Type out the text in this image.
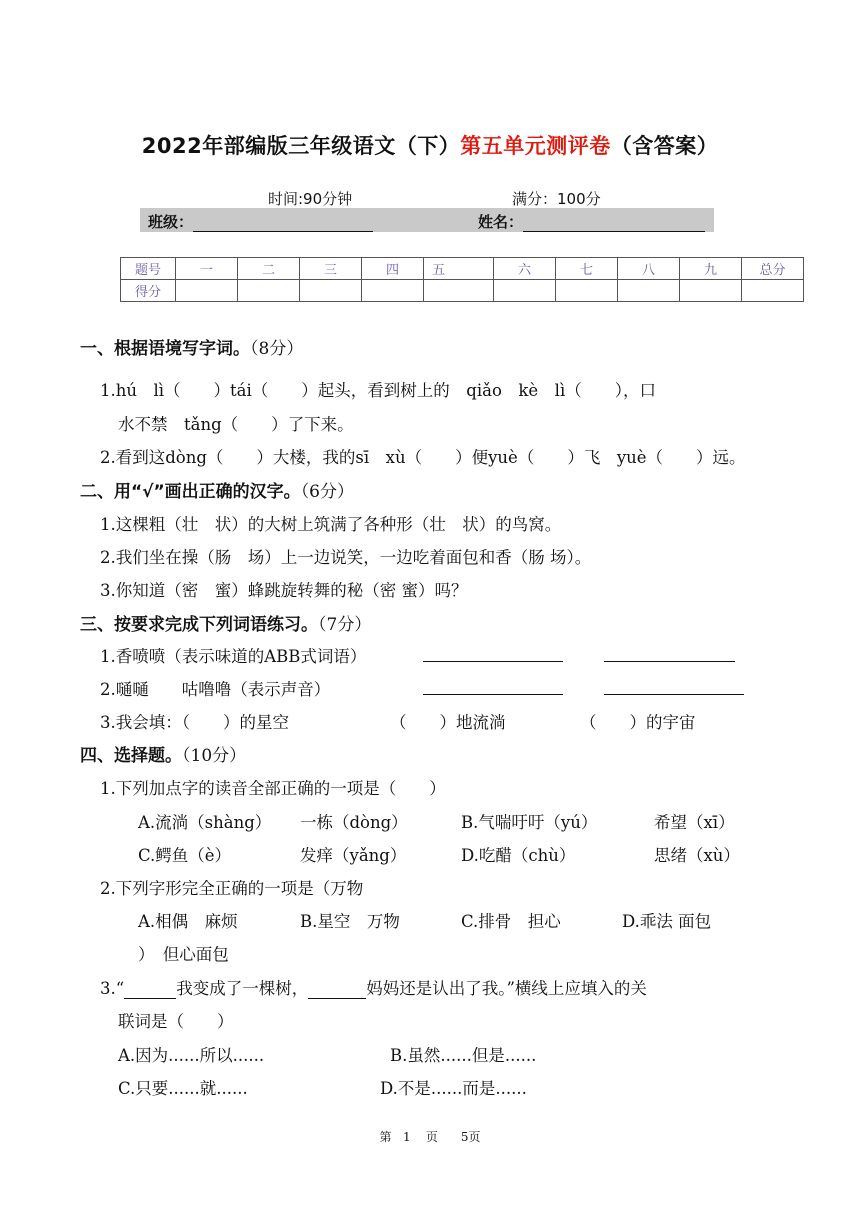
2022年部编版三年级语文（下）第五单元测评卷（含答案）
时间:90分钟	满分：100分
班级：	姓名：
题号	一	二	三	四	五	六	七	八	九	总分
得分										
一、根据语境写字词。（8分）
1.hú　lì（　　）tái（　　）起头，看到树上的　qiǎo　kè　lì（　　），口
水不禁　tǎng（　　）了下来。
2.看到这dòng（　　）大楼，我的sī　xù（　　）便yuè（　　）飞　yuè（　　）远。
二、用“√”画出正确的汉字。（6分）
1.这棵粗（壮　状）的大树上筑满了各种形（壮　状）的鸟窝。
2.我们坐在操（肠　场）上一边说笑，一边吃着面包和香（肠 场）。
3.你知道（密　蜜）蜂跳旋转舞的秘（密 蜜）吗？
三、按要求完成下列词语练习。（7分）
1.香喷喷（表示味道的ABB式词语）
2.嗵嗵　　咕噜噜（表示声音）
3.我会填：（　　）的星空	（　　）地流淌	（　　）的宇宙
四、选择题。（10分）
1.下列加点字的读音全部正确的一项是（　　）
A.流淌（shàng） 一栋（dòng）	B.气喘吁吁（yú）	希望（xī）
C.鳄鱼（è）	发痒（yǎng）	D.吃醋（chù）	思绪（xù）
2.下列字形完全正确的一项是（万物
A.相偶　麻烦	B.星空　万物	C.排骨　担心	D.乖法 面包
）　但心面包
3.“	我变成了一棵树，	妈妈还是认出了我。”横线上应填入的关
联词是（　　）
A.因为......所以......	B.虽然......但是......
C.只要......就......	D.不是......而是......
第 1 页 5页
